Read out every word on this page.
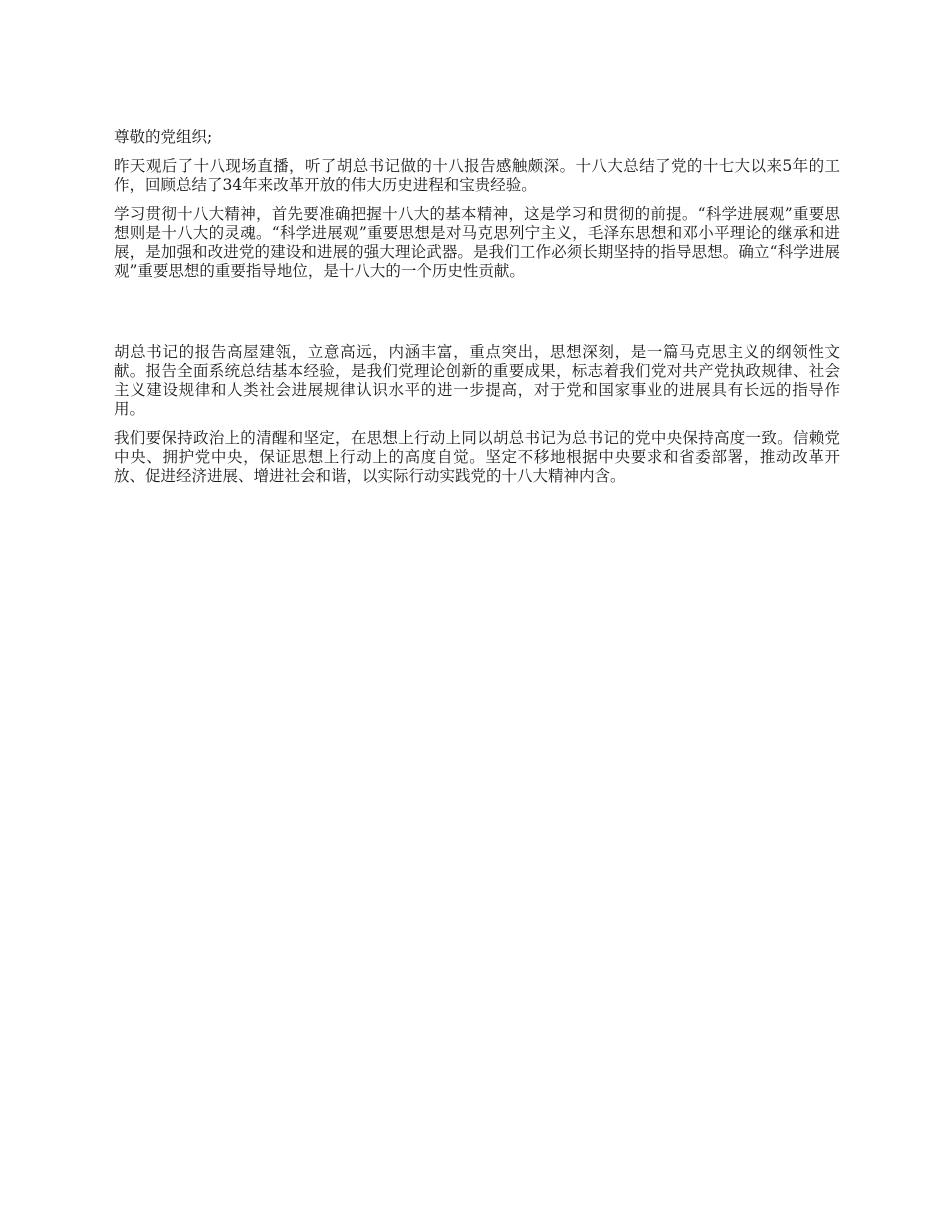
尊敬的党组织;

昨天观后了十八现场直播，听了胡总书记做的十八报告感触颇深。十八大总结了党的十七大以来5年的工作，回顾总结了34年来改革开放的伟大历史进程和宝贵经验。

学习贯彻十八大精神，首先要准确把握十八大的基本精神，这是学习和贯彻的前提。“科学进展观”重要思想则是十八大的灵魂。“科学进展观”重要思想是对马克思列宁主义，毛泽东思想和邓小平理论的继承和进展，是加强和改进党的建设和进展的强大理论武器。是我们工作必须长期坚持的指导思想。确立“科学进展观”重要思想的重要指导地位，是十八大的一个历史性贡献。

胡总书记的报告高屋建瓴，立意高远，内涵丰富，重点突出，思想深刻，是一篇马克思主义的纲领性文献。报告全面系统总结基本经验，是我们党理论创新的重要成果，标志着我们党对共产党执政规律、社会主义建设规律和人类社会进展规律认识水平的进一步提高，对于党和国家事业的进展具有长远的指导作用。

我们要保持政治上的清醒和坚定，在思想上行动上同以胡总书记为总书记的党中央保持高度一致。信赖党中央、拥护党中央，保证思想上行动上的高度自觉。坚定不移地根据中央要求和省委部署，推动改革开放、促进经济进展、增进社会和谐，以实际行动实践党的十八大精神内含。
